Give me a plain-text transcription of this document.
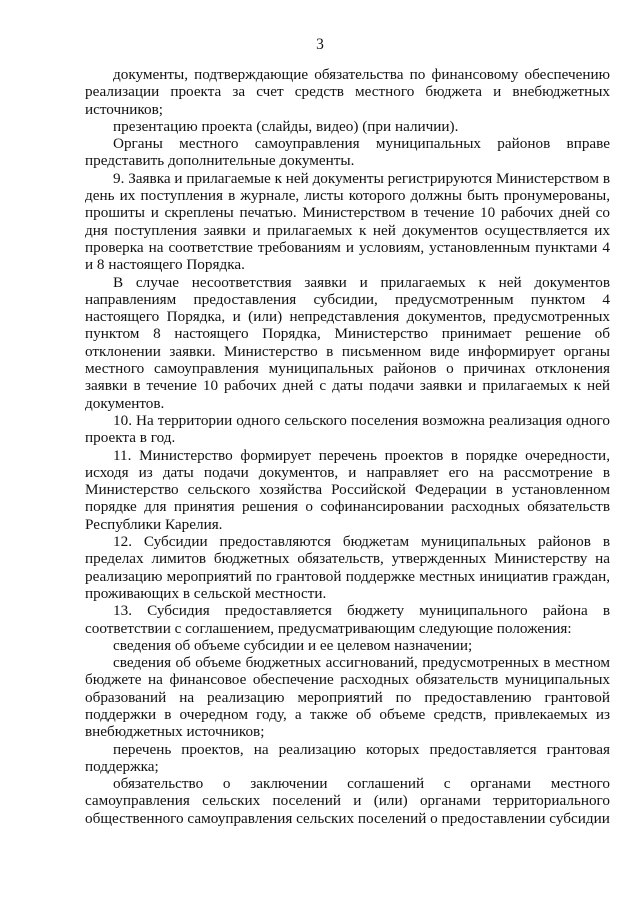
3

документы, подтверждающие обязательства по финансовому обеспечению реализации проекта за счет средств местного бюджета и внебюджетных источников;

презентацию проекта (слайды, видео) (при наличии).

Органы местного самоуправления муниципальных районов вправе представить дополнительные документы.

9. Заявка и прилагаемые к ней документы регистрируются Министерством в день их поступления в журнале, листы которого должны быть пронумерованы, прошиты и скреплены печатью. Министерством в течение 10 рабочих дней со дня поступления заявки и прилагаемых к ней документов осуществляется их проверка на соответствие требованиям и условиям, установленным пунктами 4 и 8 настоящего Порядка.

В случае несоответствия заявки и прилагаемых к ней документов направлениям предоставления субсидии, предусмотренным пунктом 4 настоящего Порядка, и (или) непредставления документов, предусмотренных пунктом 8 настоящего Порядка, Министерство принимает решение об отклонении заявки. Министерство в письменном виде информирует органы местного самоуправления муниципальных районов о причинах отклонения заявки в течение 10 рабочих дней с даты подачи заявки и прилагаемых к ней документов.

10. На территории одного сельского поселения возможна реализация одного проекта в год.

11. Министерство формирует перечень проектов в порядке очередности, исходя из даты подачи документов, и направляет его на рассмотрение в Министерство сельского хозяйства Российской Федерации в установленном порядке для принятия решения о софинансировании расходных обязательств Республики Карелия.

12. Субсидии предоставляются бюджетам муниципальных районов в пределах лимитов бюджетных обязательств, утвержденных Министерству на реализацию мероприятий по грантовой поддержке местных инициатив граждан, проживающих в сельской местности.

13. Субсидия предоставляется бюджету муниципального района в соответствии с соглашением, предусматривающим следующие положения:

сведения об объеме субсидии и ее целевом назначении;

сведения об объеме бюджетных ассигнований, предусмотренных в местном бюджете на финансовое обеспечение расходных обязательств муниципальных образований на реализацию мероприятий по предоставлению грантовой поддержки в очередном году, а также об объеме средств, привлекаемых из внебюджетных источников;

перечень проектов, на реализацию которых предоставляется грантовая поддержка;

обязательство о заключении соглашений с органами местного самоуправления сельских поселений и (или) органами территориального общественного самоуправления сельских поселений о предоставлении субсидии
